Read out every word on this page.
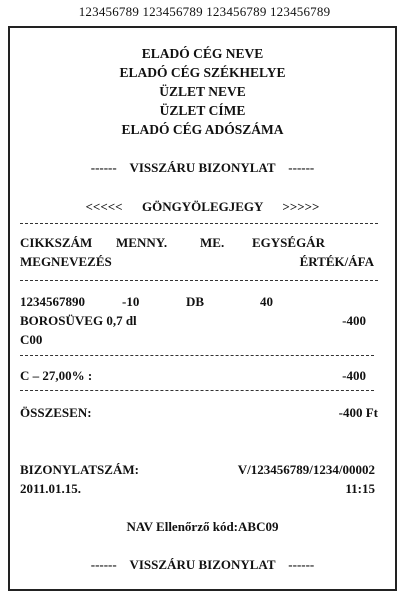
123456789 123456789 123456789 123456789
ELADÓ CÉG NEVE
ELADÓ CÉG SZÉKHELYE
ÜZLET NEVE
ÜZLET CÍME
ELADÓ CÉG ADÓSZÁMA
------    VISSZÁRU BIZONYLAT    ------
<<<<<      GÖNGYÖLEGJEGY      >>>>>
CIKKSZÁM MENNY.	ME. EGYSÉGÁR
MEGNEVEZÉS	ÉRTÉK/ÁFA
1234567890	-10	DB	40
BOROSÜVEG 0,7 dl	-400
C00
C – 27,00% :	-400
ÖSSZESEN:	-400 Ft
BIZONYLATSZÁM:	V/123456789/1234/00002
2011.01.15.	11:15
NAV Ellenőrző kód:ABC09
------    VISSZÁRU BIZONYLAT    ------
